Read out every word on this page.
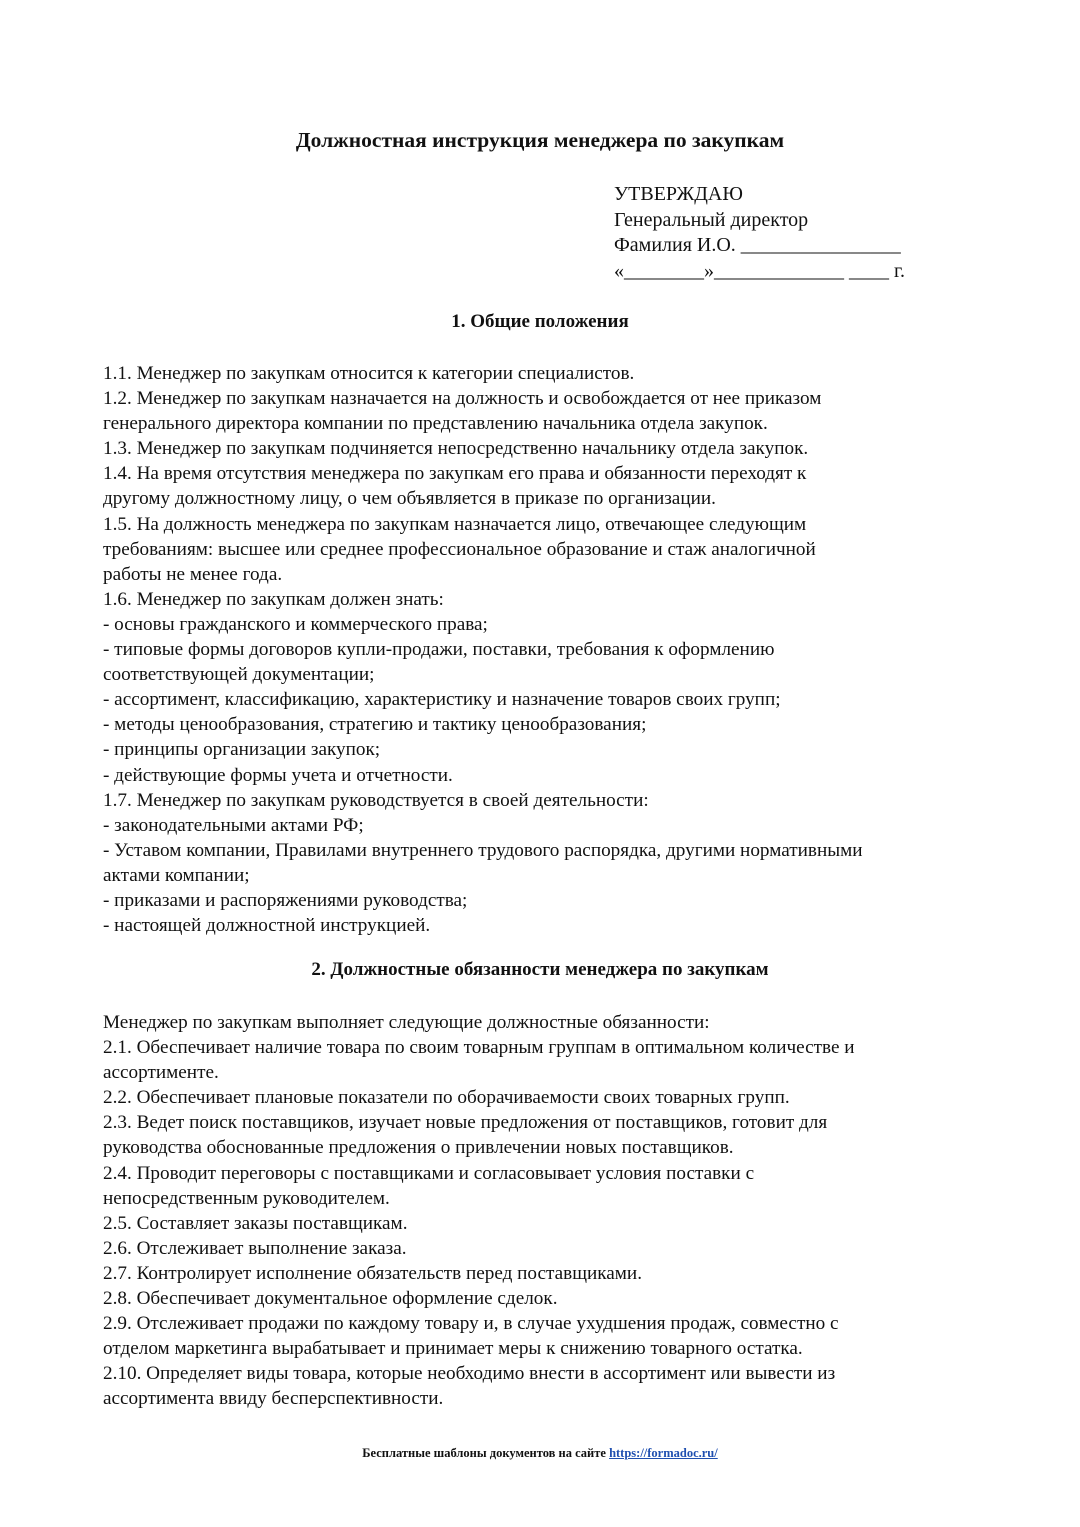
Должностная инструкция менеджера по закупкам
УТВЕРЖДАЮ
Генеральный директор
Фамилия И.О. ________________
«________»_____________ ____ г.
1. Общие положения
1.1. Менеджер по закупкам относится к категории специалистов.
1.2. Менеджер по закупкам назначается на должность и освобождается от нее приказом
генерального директора компании по представлению начальника отдела закупок.
1.3. Менеджер по закупкам подчиняется непосредственно начальнику отдела закупок.
1.4. На время отсутствия менеджера по закупкам его права и обязанности переходят к
другому должностному лицу, о чем объявляется в приказе по организации.
1.5. На должность менеджера по закупкам назначается лицо, отвечающее следующим
требованиям: высшее или среднее профессиональное образование и стаж аналогичной
работы не менее года.
1.6. Менеджер по закупкам должен знать:
- основы гражданского и коммерческого права;
- типовые формы договоров купли-продажи, поставки, требования к оформлению
соответствующей документации;
- ассортимент, классификацию, характеристику и назначение товаров своих групп;
- методы ценообразования, стратегию и тактику ценообразования;
- принципы организации закупок;
- действующие формы учета и отчетности.
1.7. Менеджер по закупкам руководствуется в своей деятельности:
- законодательными актами РФ;
- Уставом компании, Правилами внутреннего трудового распорядка, другими нормативными
актами компании;
- приказами и распоряжениями руководства;
- настоящей должностной инструкцией.
2. Должностные обязанности менеджера по закупкам
Менеджер по закупкам выполняет следующие должностные обязанности:
2.1. Обеспечивает наличие товара по своим товарным группам в оптимальном количестве и
ассортименте.
2.2. Обеспечивает плановые показатели по оборачиваемости своих товарных групп.
2.3. Ведет поиск поставщиков, изучает новые предложения от поставщиков, готовит для
руководства обоснованные предложения о привлечении новых поставщиков.
2.4. Проводит переговоры с поставщиками и согласовывает условия поставки с
непосредственным руководителем.
2.5. Составляет заказы поставщикам.
2.6. Отслеживает выполнение заказа.
2.7. Контролирует исполнение обязательств перед поставщиками.
2.8. Обеспечивает документальное оформление сделок.
2.9. Отслеживает продажи по каждому товару и, в случае ухудшения продаж, совместно с
отделом маркетинга вырабатывает и принимает меры к снижению товарного остатка.
2.10. Определяет виды товара, которые необходимо внести в ассортимент или вывести из
ассортимента ввиду бесперспективности.

Бесплатные шаблоны документов на сайте https://formadoc.ru/
